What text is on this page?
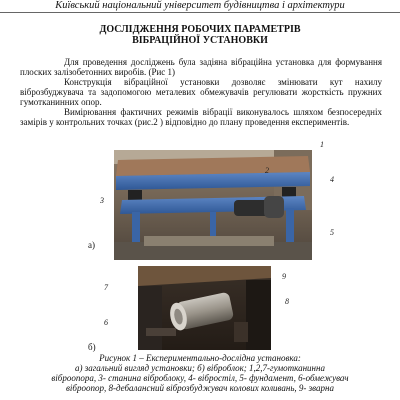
Київський національний університет будівництва і архітектури
ДОСЛІДЖЕННЯ РОБОЧИХ ПАРАМЕТРІВ
ВІБРАЦІЙНОЇ УСТАНОВКИ

Для проведення досліджень була задіяна вібраційна установка для формування плоских залізобетонних виробів. (Рис 1)

Конструкція вібраційної установки дозволяє змінювати кут нахилу віброзбуджувача та задопомогою металевих обмежувачів регулювати жорсткість пружних гумотканинних опор.

Вимірювання фактичних режимів вібрації виконувалось шляхом безпосередніх замірів у контрольних точках (рис.2 ) відповідно до плану проведення експериментів.

1
2
3
4
5
а)
7
6
8
9
б)
Рисунок 1 – Експериментально-дослідна установка:
а) загальний вигляд установки; б) віброблок; 1,2,7-гумотканинна
віброопора, 3- станина віброблоку, 4- вібростіл, 5- фундамент, 6-обмежувач
віброопор, 8-дебалансний віброзбуджувач колових коливань, 9- зварна
